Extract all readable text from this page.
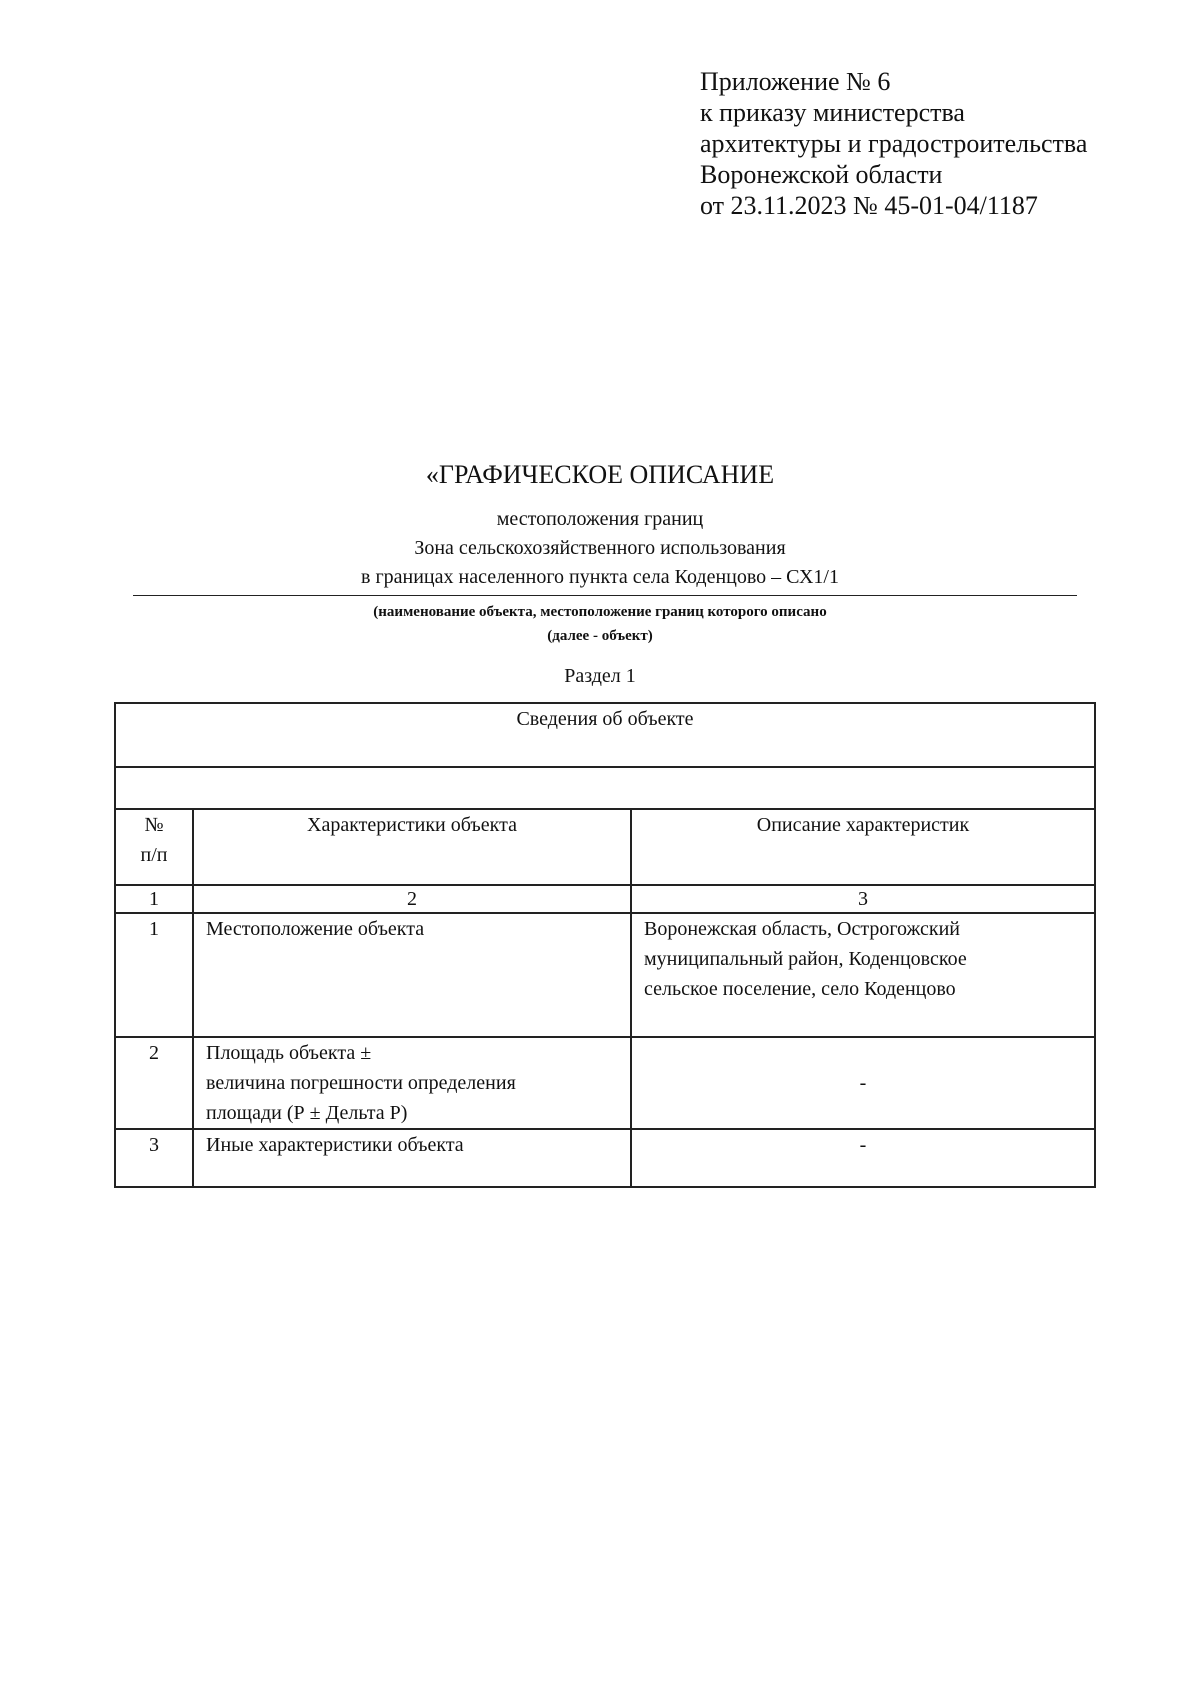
Приложение № 6
к приказу министерства
архитектуры и градостроительства
Воронежской области
от 23.11.2023 № 45-01-04/1187
«ГРАФИЧЕСКОЕ ОПИСАНИЕ
местоположения границ
Зона сельскохозяйственного использования
в границах населенного пункта села Коденцово – СХ1/1
(наименование объекта, местоположение границ которого описано
(далее - объект)
Раздел 1
Сведения об объекте		

№
п/п	Характеристики объекта	Описание характеристик
1	2	3
1	Местоположение объекта	Воронежская область, Острогожский
муниципальный район, Коденцовское
сельское поселение, село Коденцово

2	Площадь объекта ±
величина погрешности определения
площади (Р ± Дельта Р)	-

3	Иные характеристики объекта	-
